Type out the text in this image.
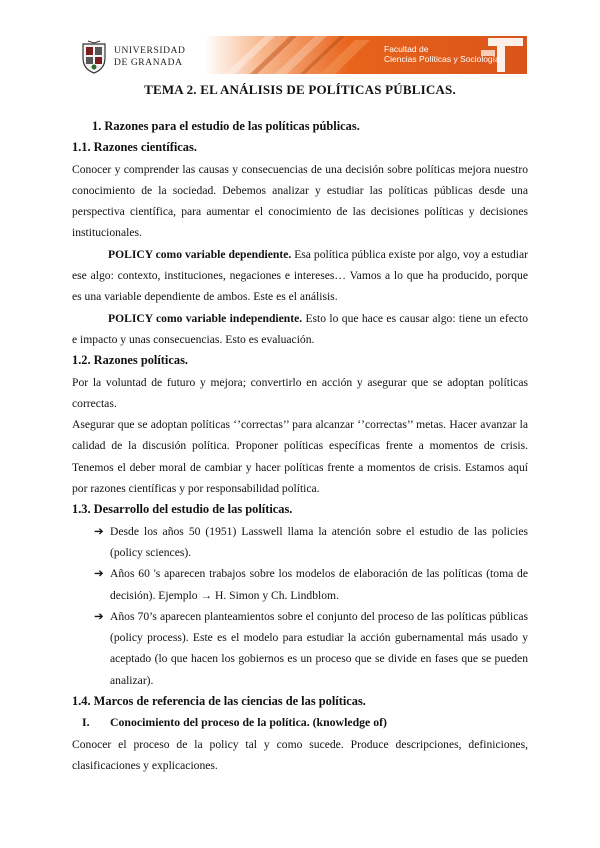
UNIVERSIDAD
DE GRANADA
Facultad de
Ciencias Políticas y Sociología
TEMA 2. EL ANÁLISIS DE POLÍTICAS PÚBLICAS.

1. Razones para el estudio de las políticas públicas.

1.1. Razones científicas.

Conocer y comprender las causas y consecuencias de una decisión sobre políticas mejora nuestro conocimiento de la sociedad. Debemos analizar y estudiar las políticas públicas desde una perspectiva científica, para aumentar el conocimiento de las decisiones políticas y decisiones institucionales.

POLICY como variable dependiente. Esa política pública existe por algo, voy a estudiar ese algo: contexto, instituciones, negaciones e intereses… Vamos a lo que ha producido, porque es una variable dependiente de ambos. Este es el análisis.

POLICY como variable independiente. Esto lo que hace es causar algo: tiene un efecto e impacto y unas consecuencias. Esto es evaluación.

1.2. Razones políticas.

Por la voluntad de futuro y mejora; convertirlo en acción y asegurar que se adoptan políticas correctas.

Asegurar que se adoptan políticas ‘’correctas’’ para alcanzar ‘’correctas’’ metas. Hacer avanzar la calidad de la discusión política. Proponer políticas específicas frente a momentos de crisis. Tenemos el deber moral de cambiar y hacer políticas frente a momentos de crisis. Estamos aquí por razones científicas y por responsabilidad política.

1.3. Desarrollo del estudio de las políticas.

➔ Desde los años 50 (1951) Lasswell llama la atención sobre el estudio de las policies (policy sciences).
➔ Años 60 's aparecen trabajos sobre los modelos de elaboración de las políticas (toma de decisión). Ejemplo → H. Simon y Ch. Lindblom.
➔ Años 70’s aparecen planteamientos sobre el conjunto del proceso de las políticas públicas (policy process). Este es el modelo para estudiar la acción gubernamental más usado y aceptado (lo que hacen los gobiernos es un proceso que se divide en fases que se pueden analizar).

1.4. Marcos de referencia de las ciencias de las políticas.

I. Conocimiento del proceso de la política. (knowledge of)

Conocer el proceso de la policy tal y como sucede. Produce descripciones, definiciones, clasificaciones y explicaciones.
